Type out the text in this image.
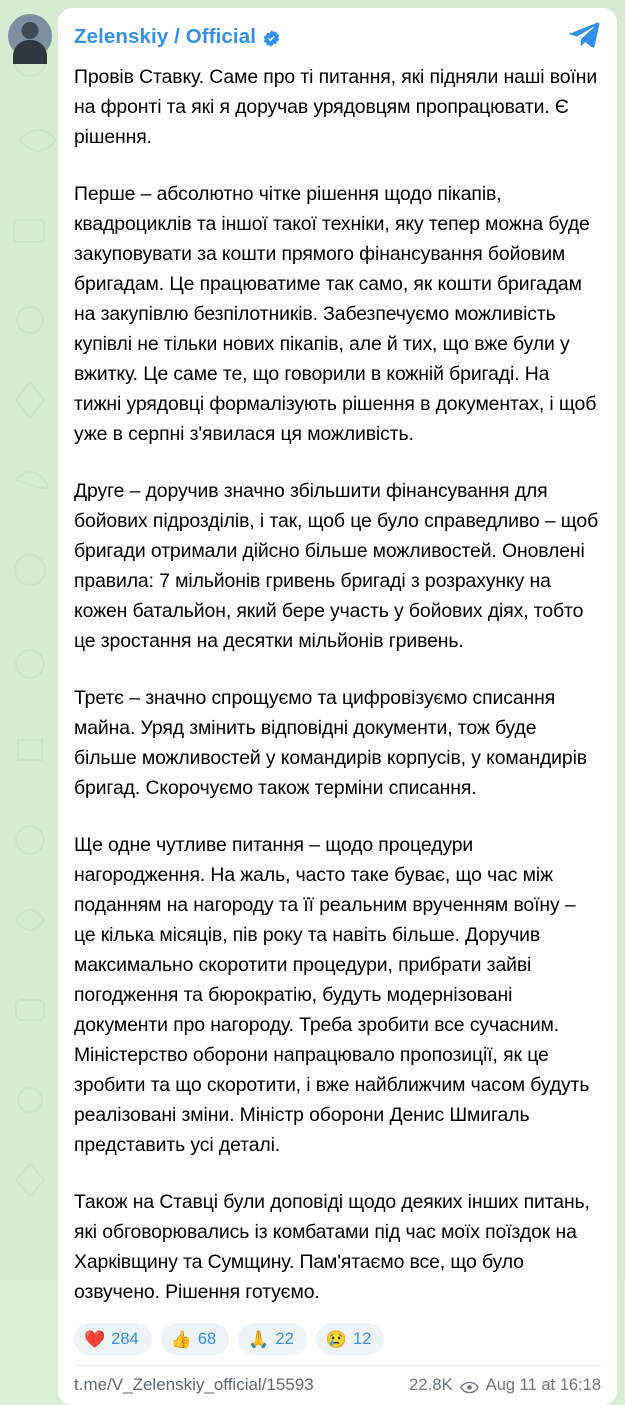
Zelenskiy / Official

Провів Ставку. Саме про ті питання, які підняли наші воїни на фронті та які я доручав урядовцям пропрацювати. Є рішення.

Перше – абсолютно чітке рішення щодо пікапів, квадроциклів та іншої такої техніки, яку тепер можна буде закуповувати за кошти прямого фінансування бойовим бригадам. Це працюватиме так само, як кошти бригадам на закупівлю безпілотників. Забезпечуємо можливість купівлі не тільки нових пікапів, але й тих, що вже були у вжитку. Це саме те, що говорили в кожній бригаді. На тижні урядовці формалізують рішення в документах, і щоб уже в серпні з'явилася ця можливість.

Друге – доручив значно збільшити фінансування для бойових підрозділів, і так, щоб це було справедливо – щоб бригади отримали дійсно більше можливостей. Оновлені правила: 7 мільйонів гривень бригаді з розрахунку на кожен батальйон, який бере участь у бойових діях, тобто це зростання на десятки мільйонів гривень.

Третє – значно спрощуємо та цифровізуємо списання майна. Уряд змінить відповідні документи, тож буде більше можливостей у командирів корпусів, у командирів бригад. Скорочуємо також терміни списання.

Ще одне чутливе питання – щодо процедури нагородження. На жаль, часто таке буває, що час між поданням на нагороду та її реальним врученням воїну – це кілька місяців, пів року та навіть більше. Доручив максимально скоротити процедури, прибрати зайві погодження та бюрократію, будуть модернізовані документи про нагороду. Треба зробити все сучасним. Міністерство оборони напрацювало пропозиції, як це зробити та що скоротити, і вже найближчим часом будуть реалізовані зміни. Міністр оборони Денис Шмигаль представить усі деталі.

Також на Ставці були доповіді щодо деяких інших питань, які обговорювались із комбатами під час моїх поїздок на Харківщину та Сумщину. Пам'ятаємо все, що було озвучено. Рішення готуємо.

❤️ 284 👍 68 🙏 22 😢 12
t.me/V_Zelenskiy_official/15593	22.8K Aug 11 at 16:18
